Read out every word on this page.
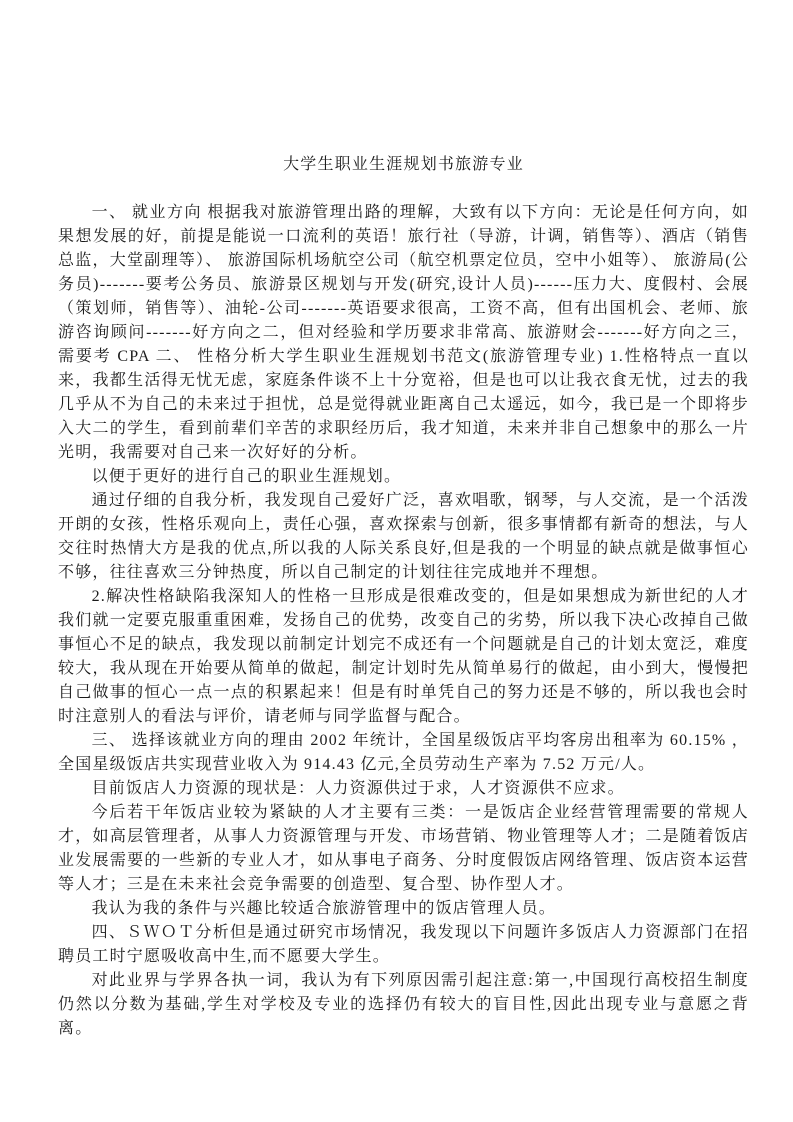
大学生职业生涯规划书旅游专业

一、 就业方向 根据我对旅游管理出路的理解，大致有以下方向：无论是任何方向，如果想发展的好，前提是能说一口流利的英语！旅行社（导游，计调，销售等）、酒店（销售总监，大堂副理等）、 旅游国际机场航空公司（航空机票定位员，空中小姐等）、 旅游局(公务员)-------要考公务员、旅游景区规划与开发(研究,设计人员)------压力大、度假村、会展（策划师，销售等）、油轮-公司-------英语要求很高，工资不高，但有出国机会、老师、旅游咨询顾问-------好方向之二，但对经验和学历要求非常高、旅游财会-------好方向之三，需要考 CPA 二、 性格分析大学生职业生涯规划书范文(旅游管理专业) 1.性格特点一直以来，我都生活得无忧无虑，家庭条件谈不上十分宽裕，但是也可以让我衣食无忧，过去的我几乎从不为自己的未来过于担忧，总是觉得就业距离自己太遥远，如今，我已是一个即将步入大二的学生，看到前辈们辛苦的求职经历后，我才知道，未来并非自己想象中的那么一片光明，我需要对自己来一次好好的分析。

以便于更好的进行自己的职业生涯规划。

通过仔细的自我分析，我发现自己爱好广泛，喜欢唱歌，钢琴，与人交流，是一个活泼开朗的女孩，性格乐观向上，责任心强，喜欢探索与创新，很多事情都有新奇的想法，与人交往时热情大方是我的优点,所以我的人际关系良好,但是我的一个明显的缺点就是做事恒心不够，往往喜欢三分钟热度，所以自己制定的计划往往完成地并不理想。

2.解决性格缺陷我深知人的性格一旦形成是很难改变的，但是如果想成为新世纪的人才我们就一定要克服重重困难，发扬自己的优势，改变自己的劣势，所以我下决心改掉自己做事恒心不足的缺点，我发现以前制定计划完不成还有一个问题就是自己的计划太宽泛，难度较大，我从现在开始要从简单的做起，制定计划时先从简单易行的做起，由小到大，慢慢把自己做事的恒心一点一点的积累起来！但是有时单凭自己的努力还是不够的，所以我也会时时注意别人的看法与评价，请老师与同学监督与配合。

三、 选择该就业方向的理由 2002 年统计，全国星级饭店平均客房出租率为 60.15% ，全国星级饭店共实现营业收入为 914.43 亿元,全员劳动生产率为 7.52 万元/人。

目前饭店人力资源的现状是：人力资源供过于求，人才资源供不应求。

今后若干年饭店业较为紧缺的人才主要有三类：一是饭店企业经营管理需要的常规人才，如高层管理者，从事人力资源管理与开发、市场营销、物业管理等人才；二是随着饭店业发展需要的一些新的专业人才，如从事电子商务、分时度假饭店网络管理、饭店资本运营等人才；三是在未来社会竞争需要的创造型、复合型、协作型人才。

我认为我的条件与兴趣比较适合旅游管理中的饭店管理人员。

四、ＳＷＯＴ分析但是通过研究市场情况，我发现以下问题许多饭店人力资源部门在招聘员工时宁愿吸收高中生,而不愿要大学生。

对此业界与学界各执一词，我认为有下列原因需引起注意:第一,中国现行高校招生制度仍然以分数为基础,学生对学校及专业的选择仍有较大的盲目性,因此出现专业与意愿之背离。
